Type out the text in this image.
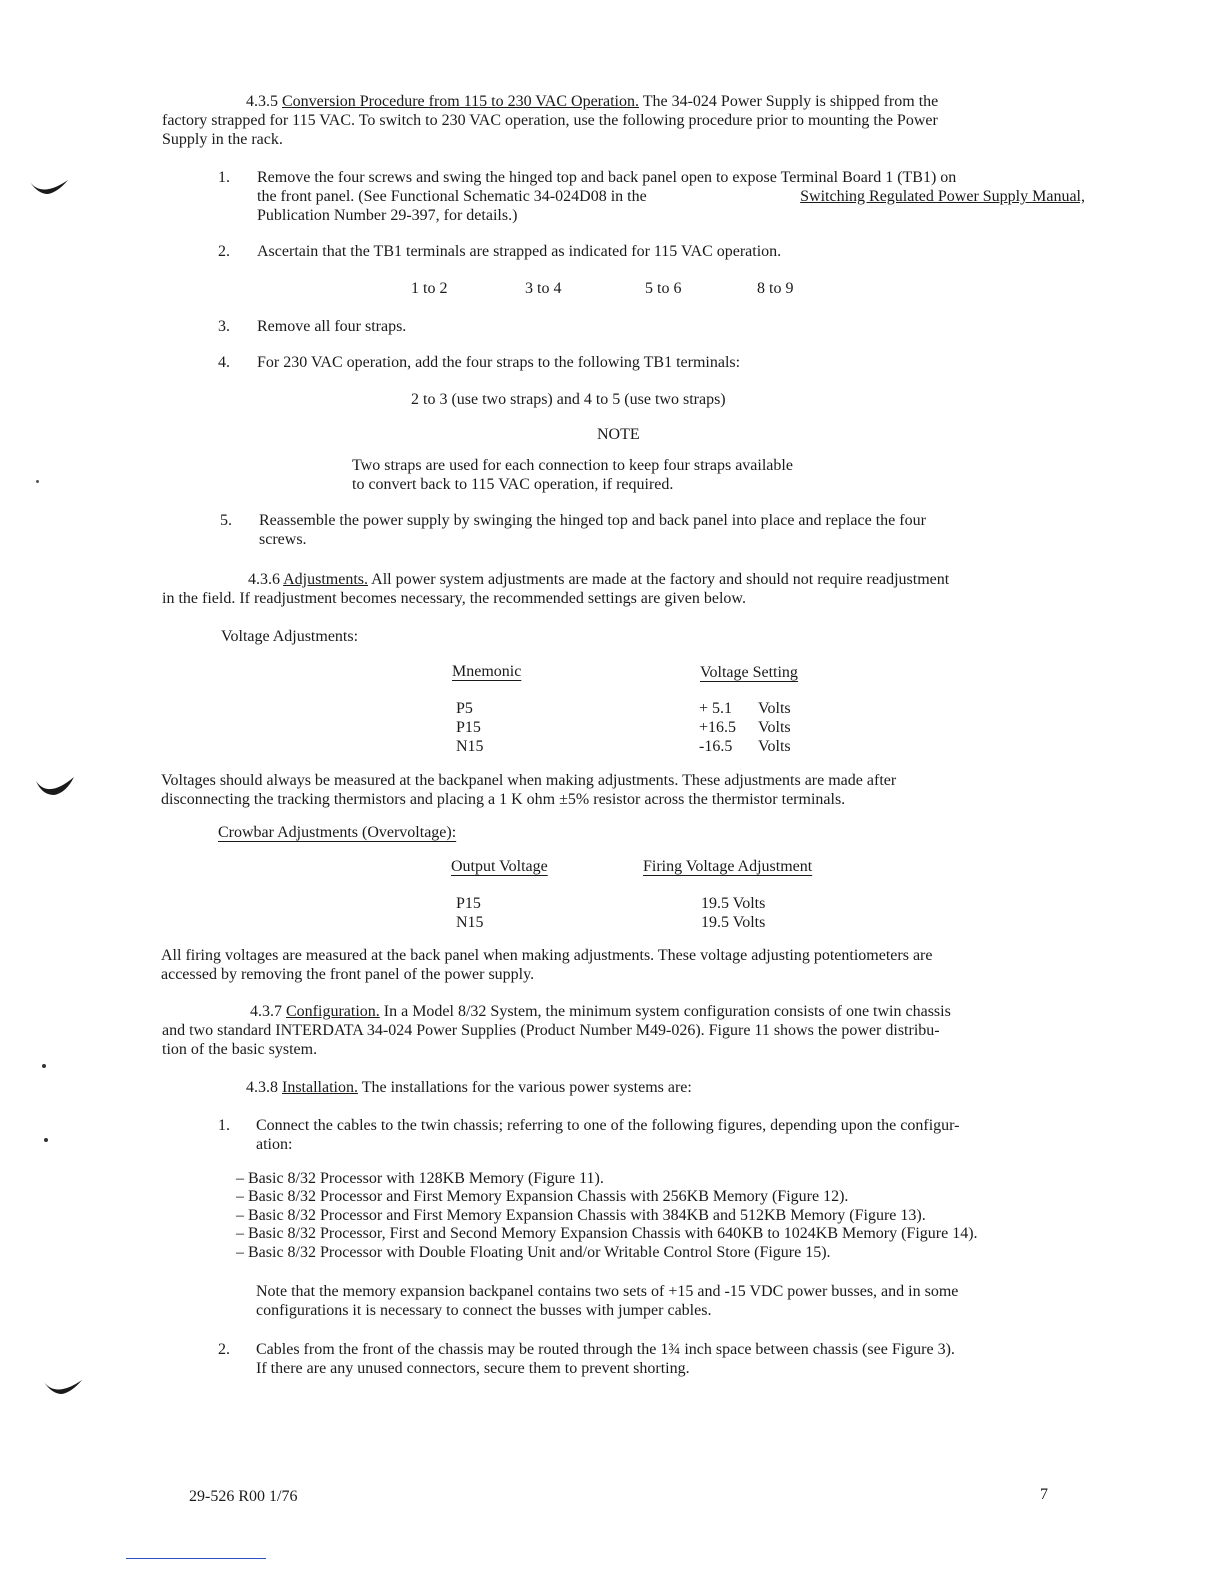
4.3.5 Conversion Procedure from 115 to 230 VAC Operation. The 34-024 Power Supply is shipped from the
factory strapped for 115 VAC. To switch to 230 VAC operation, use the following procedure prior to mounting the Power
Supply in the rack.
1. Remove the four screws and swing the hinged top and back panel open to expose Terminal Board 1 (TB1) on
the front panel. (See Functional Schematic 34-024D08 in the	Switching Regulated Power Supply Manual,
Publication Number 29-397, for details.)
2. Ascertain that the TB1 terminals are strapped as indicated for 115 VAC operation.
1 to 2	3 to 4	5 to 6	8 to 9
3. Remove all four straps.
4. For 230 VAC operation, add the four straps to the following TB1 terminals:
2 to 3 (use two straps) and 4 to 5 (use two straps)
NOTE
Two straps are used for each connection to keep four straps available
to convert back to 115 VAC operation, if required.
5. Reassemble the power supply by swinging the hinged top and back panel into place and replace the four
screws.
4.3.6 Adjustments. All power system adjustments are made at the factory and should not require readjustment
in the field. If readjustment becomes necessary, the recommended settings are given below.
Voltage Adjustments:
Mnemonic	Voltage Setting
P5	+ 5.1 Volts
P15	+16.5 Volts
N15	-16.5 Volts
Voltages should always be measured at the backpanel when making adjustments. These adjustments are made after
disconnecting the tracking thermistors and placing a 1 K ohm ±5% resistor across the thermistor terminals.
Crowbar Adjustments (Overvoltage):
Output Voltage	Firing Voltage Adjustment
P15	19.5 Volts
N15	19.5 Volts
All firing voltages are measured at the back panel when making adjustments. These voltage adjusting potentiometers are
accessed by removing the front panel of the power supply.
4.3.7 Configuration. In a Model 8/32 System, the minimum system configuration consists of one twin chassis
and two standard INTERDATA 34-024 Power Supplies (Product Number M49-026). Figure 11 shows the power distribu-
tion of the basic system.
4.3.8 Installation. The installations for the various power systems are:
1. Connect the cables to the twin chassis; referring to one of the following figures, depending upon the configur-
ation:
– Basic 8/32 Processor with 128KB Memory (Figure 11).
– Basic 8/32 Processor and First Memory Expansion Chassis with 256KB Memory (Figure 12).
– Basic 8/32 Processor and First Memory Expansion Chassis with 384KB and 512KB Memory (Figure 13).
– Basic 8/32 Processor, First and Second Memory Expansion Chassis with 640KB to 1024KB Memory (Figure 14).
– Basic 8/32 Processor with Double Floating Unit and/or Writable Control Store (Figure 15).
Note that the memory expansion backpanel contains two sets of +15 and -15 VDC power busses, and in some
configurations it is necessary to connect the busses with jumper cables.
2. Cables from the front of the chassis may be routed through the 1¾ inch space between chassis (see Figure 3).
If there are any unused connectors, secure them to prevent shorting.
29-526 R00 1/76	7
